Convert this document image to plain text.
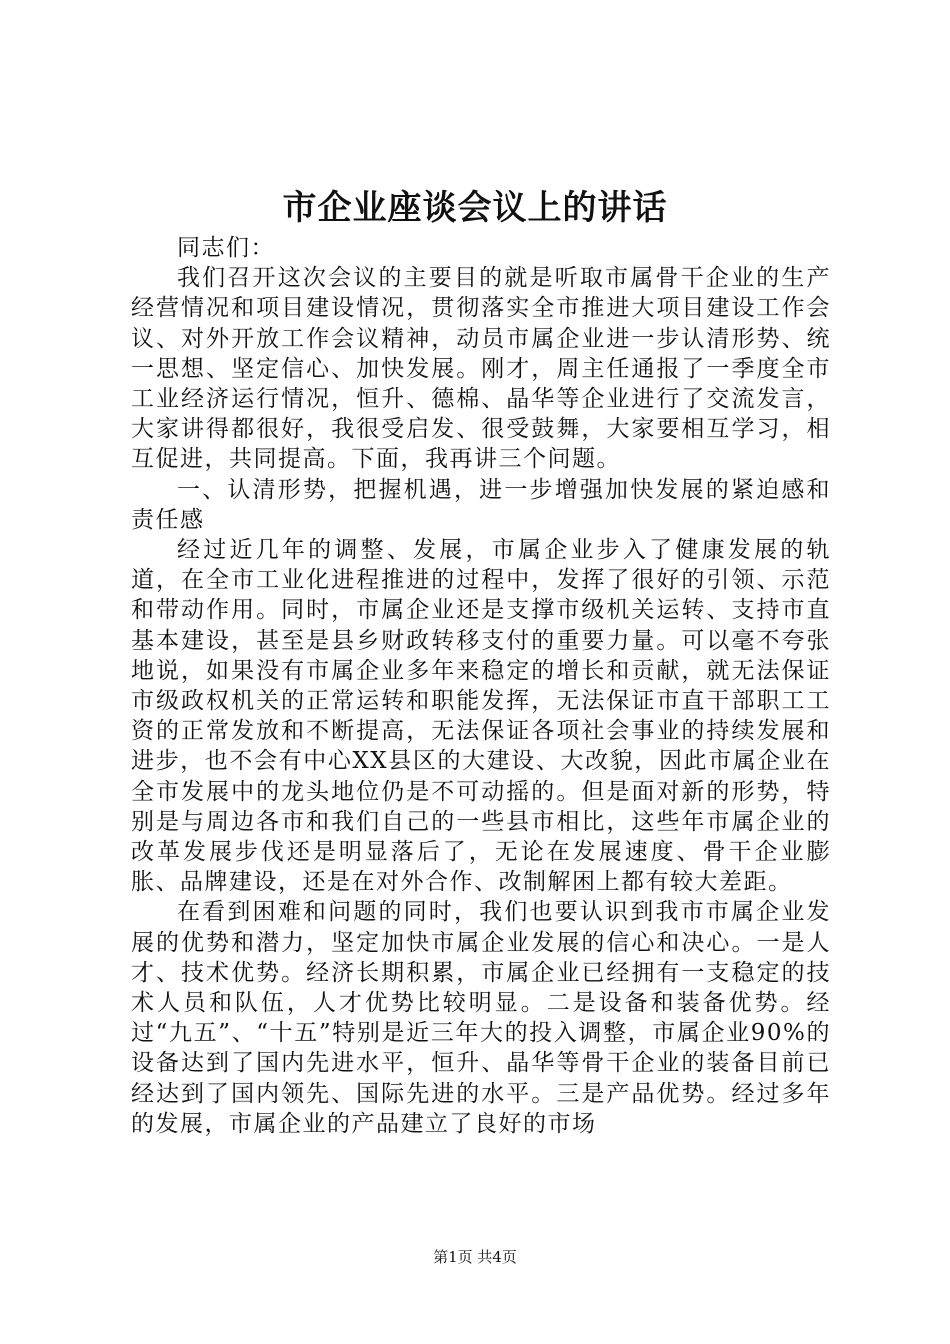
市企业座谈会议上的讲话

同志们：

我们召开这次会议的主要目的就是听取市属骨干企业的生产经营情况和项目建设情况，贯彻落实全市推进大项目建设工作会议、对外开放工作会议精神，动员市属企业进一步认清形势、统一思想、坚定信心、加快发展。刚才，周主任通报了一季度全市工业经济运行情况，恒升、德棉、晶华等企业进行了交流发言，大家讲得都很好，我很受启发、很受鼓舞，大家要相互学习，相互促进，共同提高。下面，我再讲三个问题。

一、认清形势，把握机遇，进一步增强加快发展的紧迫感和责任感

经过近几年的调整、发展，市属企业步入了健康发展的轨道，在全市工业化进程推进的过程中，发挥了很好的引领、示范和带动作用。同时，市属企业还是支撑市级机关运转、支持市直基本建设，甚至是县乡财政转移支付的重要力量。可以毫不夸张地说，如果没有市属企业多年来稳定的增长和贡献，就无法保证市级政权机关的正常运转和职能发挥，无法保证市直干部职工工资的正常发放和不断提高，无法保证各项社会事业的持续发展和进步，也不会有中心XX县区的大建设、大改貌，因此市属企业在全市发展中的龙头地位仍是不可动摇的。但是面对新的形势，特别是与周边各市和我们自己的一些县市相比，这些年市属企业的改革发展步伐还是明显落后了，无论在发展速度、骨干企业膨胀、品牌建设，还是在对外合作、改制解困上都有较大差距。

在看到困难和问题的同时，我们也要认识到我市市属企业发展的优势和潜力，坚定加快市属企业发展的信心和决心。一是人才、技术优势。经济长期积累，市属企业已经拥有一支稳定的技术人员和队伍，人才优势比较明显。二是设备和装备优势。经过“九五”、“十五”特别是近三年大的投入调整，市属企业90%的设备达到了国内先进水平，恒升、晶华等骨干企业的装备目前已经达到了国内领先、国际先进的水平。三是产品优势。经过多年的发展，市属企业的产品建立了良好的市场

第1页 共4页
